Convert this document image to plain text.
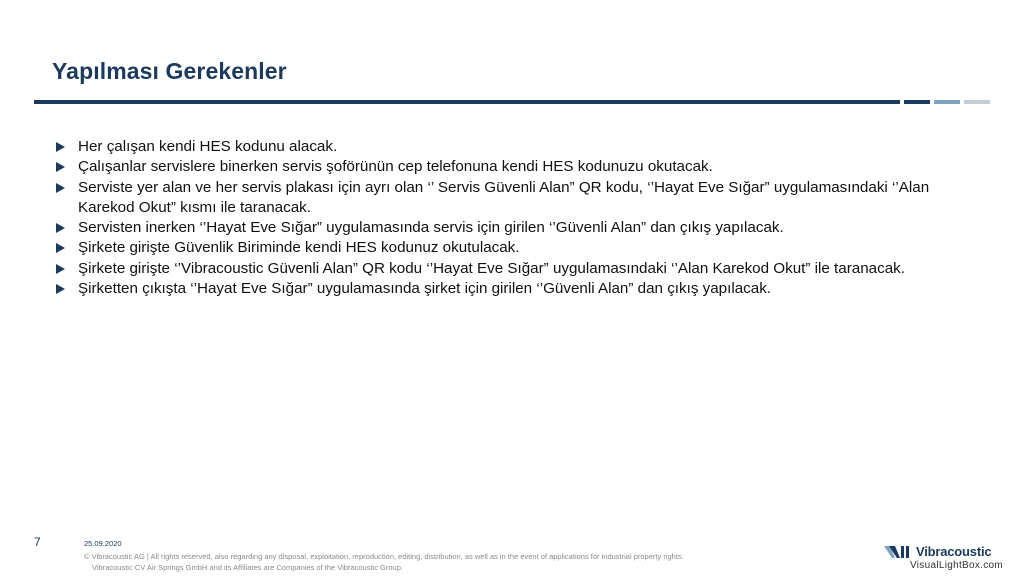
Yapılması Gerekenler
Her çalışan kendi HES kodunu alacak.
Çalışanlar servislere binerken servis şoförünün cep telefonuna kendi HES kodunuzu okutacak.
Serviste yer alan ve her servis plakası için ayrı olan ‘’ Servis Güvenli Alan” QR kodu, ‘’Hayat Eve Sığar” uygulamasındaki ‘’Alan Karekod Okut” kısmı ile taranacak.
Servisten inerken ‘’Hayat Eve Sığar” uygulamasında servis için girilen ‘’Güvenli Alan” dan çıkış yapılacak.
Şirkete girişte Güvenlik Biriminde kendi HES kodunuz okutulacak.
Şirkete girişte ‘’Vibracoustic Güvenli Alan” QR kodu ‘’Hayat Eve Sığar” uygulamasındaki ‘’Alan Karekod Okut” ile taranacak.
Şirketten çıkışta ‘’Hayat Eve Sığar” uygulamasında şirket için girilen ‘’Güvenli Alan” dan çıkış yapılacak.
7	25.09.2020
© Vibracoustic AG | All rights reserved, also regarding any disposal, exploitation, reproduction, editing, distribution, as well as in the event of applications for industrial property rights.
Vibracoustic CV Air Springs GmbH and its Affiliates are Companies of the Vibracoustic Group.
Vibracoustic
VisualLightBox.com
